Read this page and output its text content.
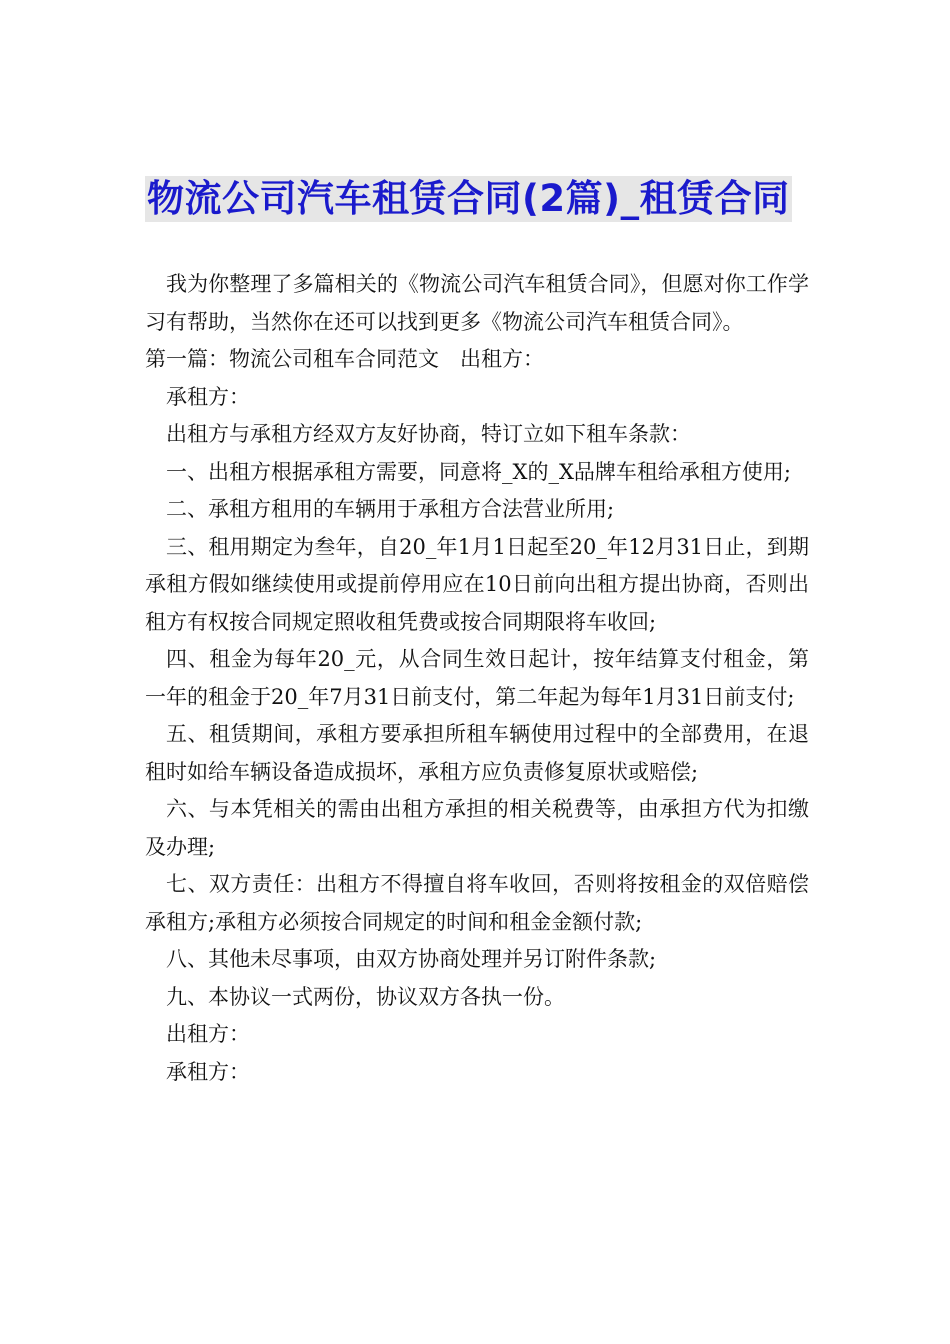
物流公司汽车租赁合同(2篇)_租赁合同

我为你整理了多篇相关的《物流公司汽车租赁合同》，但愿对你工作学习有帮助，当然你在还可以找到更多《物流公司汽车租赁合同》。

第一篇：物流公司租车合同范文　出租方：

承租方：

出租方与承租方经双方友好协商，特订立如下租车条款：

一、出租方根据承租方需要，同意将_X的_X品牌车租给承租方使用;

二、承租方租用的车辆用于承租方合法营业所用;

三、租用期定为叁年，自20_年1月1日起至20_年12月31日止，到期承租方假如继续使用或提前停用应在10日前向出租方提出协商，否则出租方有权按合同规定照收租凭费或按合同期限将车收回;

四、租金为每年20_元，从合同生效日起计，按年结算支付租金，第一年的租金于20_年7月31日前支付，第二年起为每年1月31日前支付;

五、租赁期间，承租方要承担所租车辆使用过程中的全部费用，在退租时如给车辆设备造成损坏，承租方应负责修复原状或赔偿;

六、与本凭相关的需由出租方承担的相关税费等，由承担方代为扣缴及办理;

七、双方责任：出租方不得擅自将车收回，否则将按租金的双倍赔偿承租方;承租方必须按合同规定的时间和租金金额付款;

八、其他未尽事项，由双方协商处理并另订附件条款;

九、本协议一式两份，协议双方各执一份。

出租方：

承租方：
